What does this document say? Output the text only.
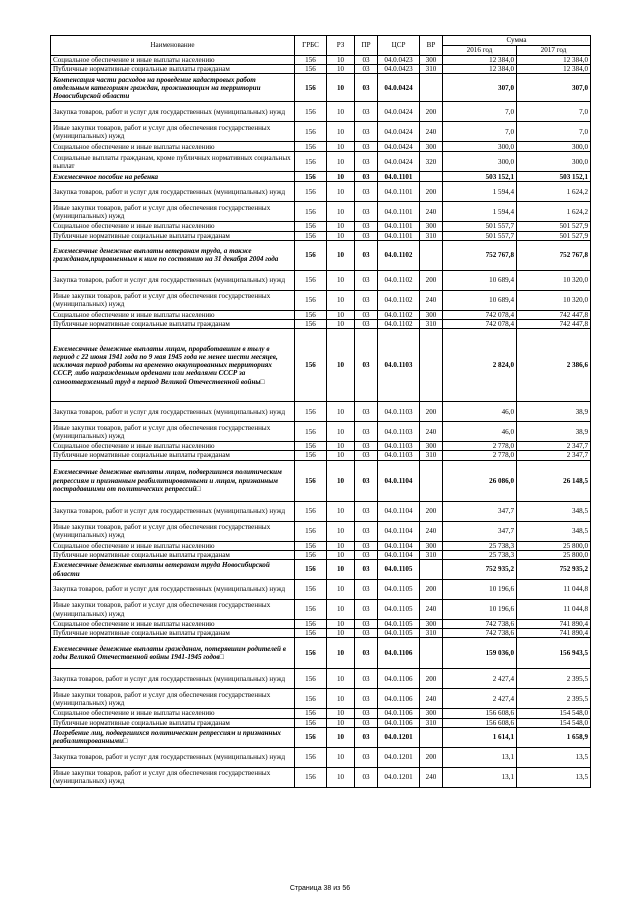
Наименование	ГРБС	РЗ	ПР	ЦСР	ВР	Сумма	
						2016 год	2017 год
Социальное обеспечение и иные выплаты населению	156	10	03	04.0.0423	300	12 384,0	12 384,0
Публичные нормативные социальные выплаты гражданам	156	10	03	04.0.0423	310	12 384,0	12 384,0
Компенсация части расходов на проведение кадастровых работ отдельным категориям граждан, проживающим на территории Новосибирской области	156	10	03	04.0.0424		307,0	307,0
Закупка товаров, работ и услуг для государственных (муниципальных) нужд	156	10	03	04.0.0424	200	7,0	7,0
Иные закупки товаров, работ и услуг для обеспечения государственных (муниципальных) нужд	156	10	03	04.0.0424	240	7,0	7,0
Социальное обеспечение и иные выплаты населению	156	10	03	04.0.0424	300	300,0	300,0
Социальные выплаты гражданам, кроме публичных нормативных социальных выплат	156	10	03	04.0.0424	320	300,0	300,0
Ежемесячное пособие на ребенка	156	10	03	04.0.1101		503 152,1	503 152,1
Закупка товаров, работ и услуг для государственных (муниципальных) нужд	156	10	03	04.0.1101	200	1 594,4	1 624,2
Иные закупки товаров, работ и услуг для обеспечения государственных (муниципальных) нужд	156	10	03	04.0.1101	240	1 594,4	1 624,2
Социальное обеспечение и иные выплаты населению	156	10	03	04.0.1101	300	501 557,7	501 527,9
Публичные нормативные социальные выплаты гражданам	156	10	03	04.0.1101	310	501 557,7	501 527,9
Ежемесячные денежные выплаты ветеранам труда, а также гражданам,приравненным к ним по состоянию на 31 декабря 2004 года	156	10	03	04.0.1102		752 767,8	752 767,8
Закупка товаров, работ и услуг для государственных (муниципальных) нужд	156	10	03	04.0.1102	200	10 689,4	10 320,0
Иные закупки товаров, работ и услуг для обеспечения государственных (муниципальных) нужд	156	10	03	04.0.1102	240	10 689,4	10 320,0
Социальное обеспечение и иные выплаты населению	156	10	03	04.0.1102	300	742 078,4	742 447,8
Публичные нормативные социальные выплаты гражданам	156	10	03	04.0.1102	310	742 078,4	742 447,8
Ежемесячные денежные выплаты лицам, проработавшим в тылу в период с 22 июня 1941 года по 9 мая 1945 года не менее шести месяцев, исключая период работы на временно оккупированных территориях СССР, либо награжденным орденами или медалями СССР за самоотверженный труд в период Великой Отечественной войны□	156	10	03	04.0.1103		2 824,0	2 386,6
Закупка товаров, работ и услуг для государственных (муниципальных) нужд	156	10	03	04.0.1103	200	46,0	38,9
Иные закупки товаров, работ и услуг для обеспечения государственных (муниципальных) нужд	156	10	03	04.0.1103	240	46,0	38,9
Социальное обеспечение и иные выплаты населению	156	10	03	04.0.1103	300	2 778,0	2 347,7
Публичные нормативные социальные выплаты гражданам	156	10	03	04.0.1103	310	2 778,0	2 347,7
Ежемесячные денежные выплаты лицам, подвергшимся политическим репрессиям и признанным реабилитированными и лицам, признанным пострадавшими от политических репрессий□	156	10	03	04.0.1104		26 086,0	26 148,5
Закупка товаров, работ и услуг для государственных (муниципальных) нужд	156	10	03	04.0.1104	200	347,7	348,5
Иные закупки товаров, работ и услуг для обеспечения государственных (муниципальных) нужд	156	10	03	04.0.1104	240	347,7	348,5
Социальное обеспечение и иные выплаты населению	156	10	03	04.0.1104	300	25 738,3	25 800,0
Публичные нормативные социальные выплаты гражданам	156	10	03	04.0.1104	310	25 738,3	25 800,0
Ежемесячные денежные выплаты ветеранам труда Новосибирской области	156	10	03	04.0.1105		752 935,2	752 935,2
Закупка товаров, работ и услуг для государственных (муниципальных) нужд	156	10	03	04.0.1105	200	10 196,6	11 044,8
Иные закупки товаров, работ и услуг для обеспечения государственных (муниципальных) нужд	156	10	03	04.0.1105	240	10 196,6	11 044,8
Социальное обеспечение и иные выплаты населению	156	10	03	04.0.1105	300	742 738,6	741 890,4
Публичные нормативные социальные выплаты гражданам	156	10	03	04.0.1105	310	742 738,6	741 890,4
Ежемесячные денежные выплаты гражданам, потерявшим родителей в годы Великой Отечественной войны 1941-1945 годов□	156	10	03	04.0.1106		159 036,0	156 943,5
Закупка товаров, работ и услуг для государственных (муниципальных) нужд	156	10	03	04.0.1106	200	2 427,4	2 395,5
Иные закупки товаров, работ и услуг для обеспечения государственных (муниципальных) нужд	156	10	03	04.0.1106	240	2 427,4	2 395,5
Социальное обеспечение и иные выплаты населению	156	10	03	04.0.1106	300	156 608,6	154 548,0
Публичные нормативные социальные выплаты гражданам	156	10	03	04.0.1106	310	156 608,6	154 548,0
Погребение лиц, подвергшихся политическим репрессиям и признанных реабилитированными□	156	10	03	04.0.1201		1 614,1	1 658,9
Закупка товаров, работ и услуг для государственных (муниципальных) нужд	156	10	03	04.0.1201	200	13,1	13,5
Иные закупки товаров, работ и услуг для обеспечения государственных (муниципальных) нужд	156	10	03	04.0.1201	240	13,1	13,5
Страница 38 из 56
